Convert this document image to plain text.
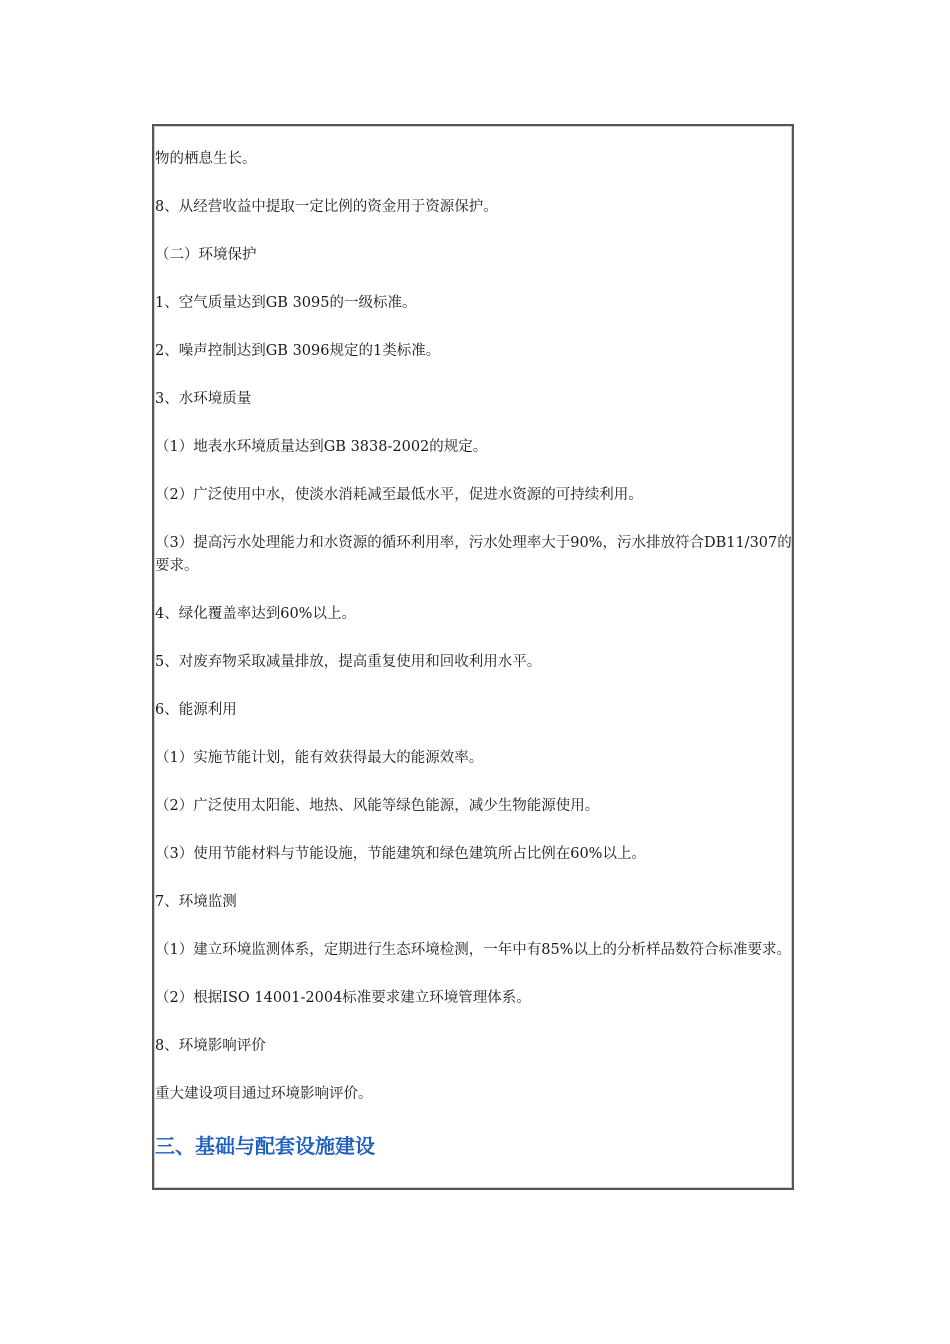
物的栖息生长。

8、从经营收益中提取一定比例的资金用于资源保护。

（二）环境保护

1、空气质量达到GB 3095的一级标准。

2、噪声控制达到GB 3096规定的1类标准。

3、水环境质量

（1）地表水环境质量达到GB 3838-2002的规定。

（2）广泛使用中水，使淡水消耗减至最低水平，促进水资源的可持续利用。

（3）提高污水处理能力和水资源的循环利用率，污水处理率大于90%，污水排放符合DB11/307的要求。

4、绿化覆盖率达到60%以上。

5、对废弃物采取减量排放，提高重复使用和回收利用水平。

6、能源利用

（1）实施节能计划，能有效获得最大的能源效率。

（2）广泛使用太阳能、地热、风能等绿色能源，减少生物能源使用。

（3）使用节能材料与节能设施，节能建筑和绿色建筑所占比例在60%以上。

7、环境监测

（1）建立环境监测体系，定期进行生态环境检测，一年中有85%以上的分析样品数符合标准要求。

（2）根据ISO 14001-2004标准要求建立环境管理体系。

8、环境影响评价

重大建设项目通过环境影响评价。

三、基础与配套设施建设
